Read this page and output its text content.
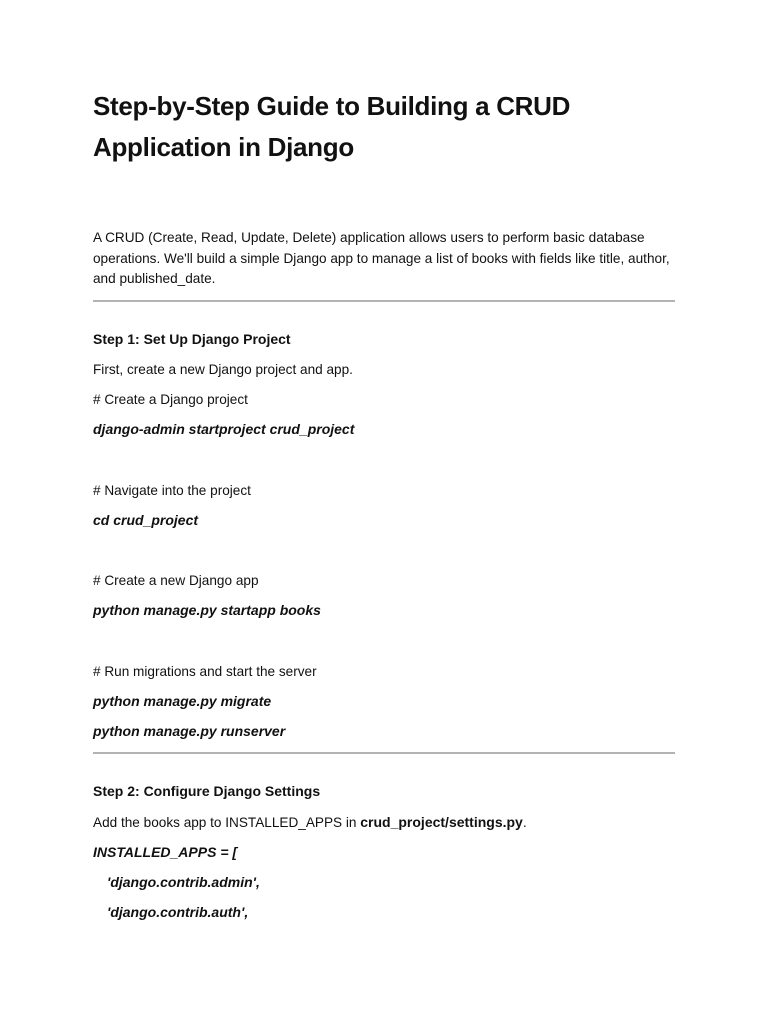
Step-by-Step Guide to Building a CRUD Application in Django

A CRUD (Create, Read, Update, Delete) application allows users to perform basic database operations. We'll build a simple Django app to manage a list of books with fields like title, author, and published_date.

Step 1: Set Up Django Project
First, create a new Django project and app.
# Create a Django project
django-admin startproject crud_project
# Navigate into the project
cd crud_project
# Create a new Django app
python manage.py startapp books
# Run migrations and start the server
python manage.py migrate
python manage.py runserver
Step 2: Configure Django Settings
Add the books app to INSTALLED_APPS in crud_project/settings.py.
INSTALLED_APPS = [
'django.contrib.admin',
'django.contrib.auth',
